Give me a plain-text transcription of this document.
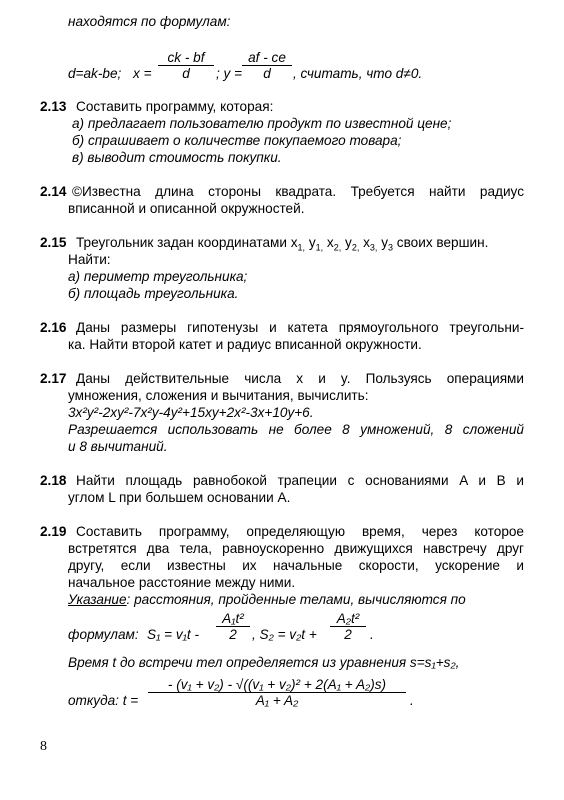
находятся по формулам:
d=ak-be; x =
ck - bf
d	; y =
af - ce
d	, считать, что d≠0.
2.13 Составить программу, которая:
а) предлагает пользователю продукт по известной цене;
б) спрашивает о количестве покупаемого товара;
в) выводит стоимость покупки.
2.14 ©Известна длина стороны квадрата. Требуется найти радиус
вписанной и описанной окружностей.
2.15 Треугольник задан координатами $x_{1,}$ $y_{1,}$ $x_{2,}$ $y_{2,}$ $x_{3,}$ $y_3$ своих вершин.
Найти:
а) периметр треугольника;
б) площадь треугольника.
2.16 Даны размеры гипотенузы и катета прямоугольного треугольни-
ка. Найти второй катет и радиус вписанной окружности.
2.17 Даны действительные числа x и y. Пользуясь операциями
умножения, сложения и вычитания, вычислить:
3x²y²-2xy²-7x²y-4y²+15xy+2x²-3x+10y+6.
Разрешается использовать не более 8 умножений, 8 сложений
и 8 вычитаний.
2.18 Найти площадь равнобокой трапеции с основаниями A и B и
углом L при большем основании A.
2.19 Составить программу, определяющую время, через которое
встретятся два тела, равноускоренно движущихся навстречу друг
другу, если известны их начальные скорости, ускорение и
начальное расстояние между ними.
Указание: расстояния, пройденные телами, вычисляются по
формулам: S₁ = v₁t -
A₁t²
2	, S₂ = v₂t +
A₂t²
2	.
Время t до встречи тел определяется из уравнения s=s₁+s₂,
откуда: t =
- (v₁ + v₂) - √((v₁ + v₂)² + 2(A₁ + A₂)s)
A₁ + A₂	.
8
